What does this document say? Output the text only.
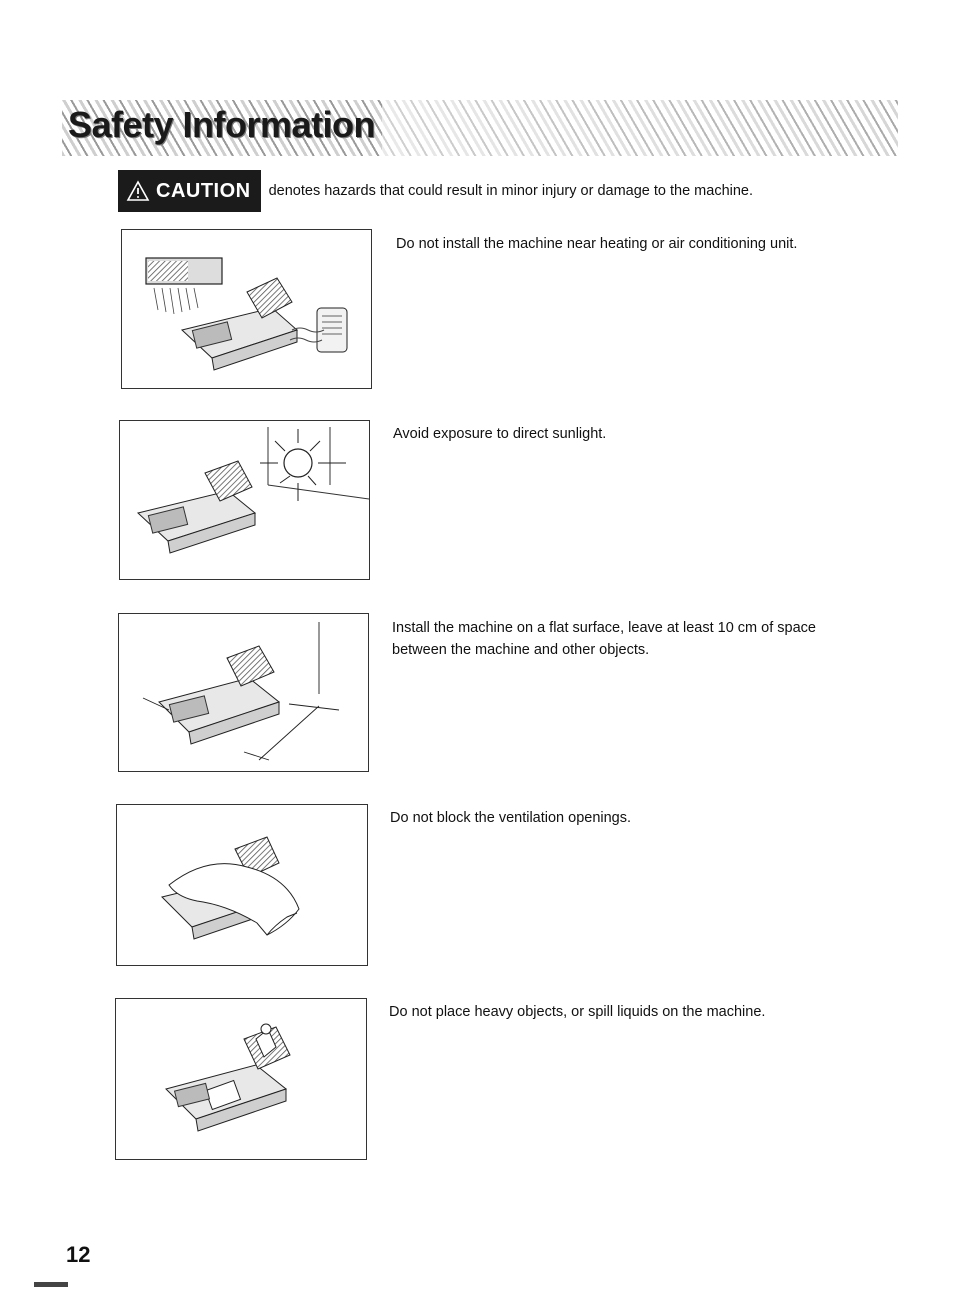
Safety Information
CAUTION denotes hazards that could result in minor injury or damage to the machine.
Do not install the machine near heating or air conditioning unit.
Avoid exposure to direct sunlight.
Install the machine on a flat surface, leave at least 10 cm of space between the machine and other objects.
Do not block the ventilation openings.
Do not place heavy objects, or spill liquids on the machine.
12
